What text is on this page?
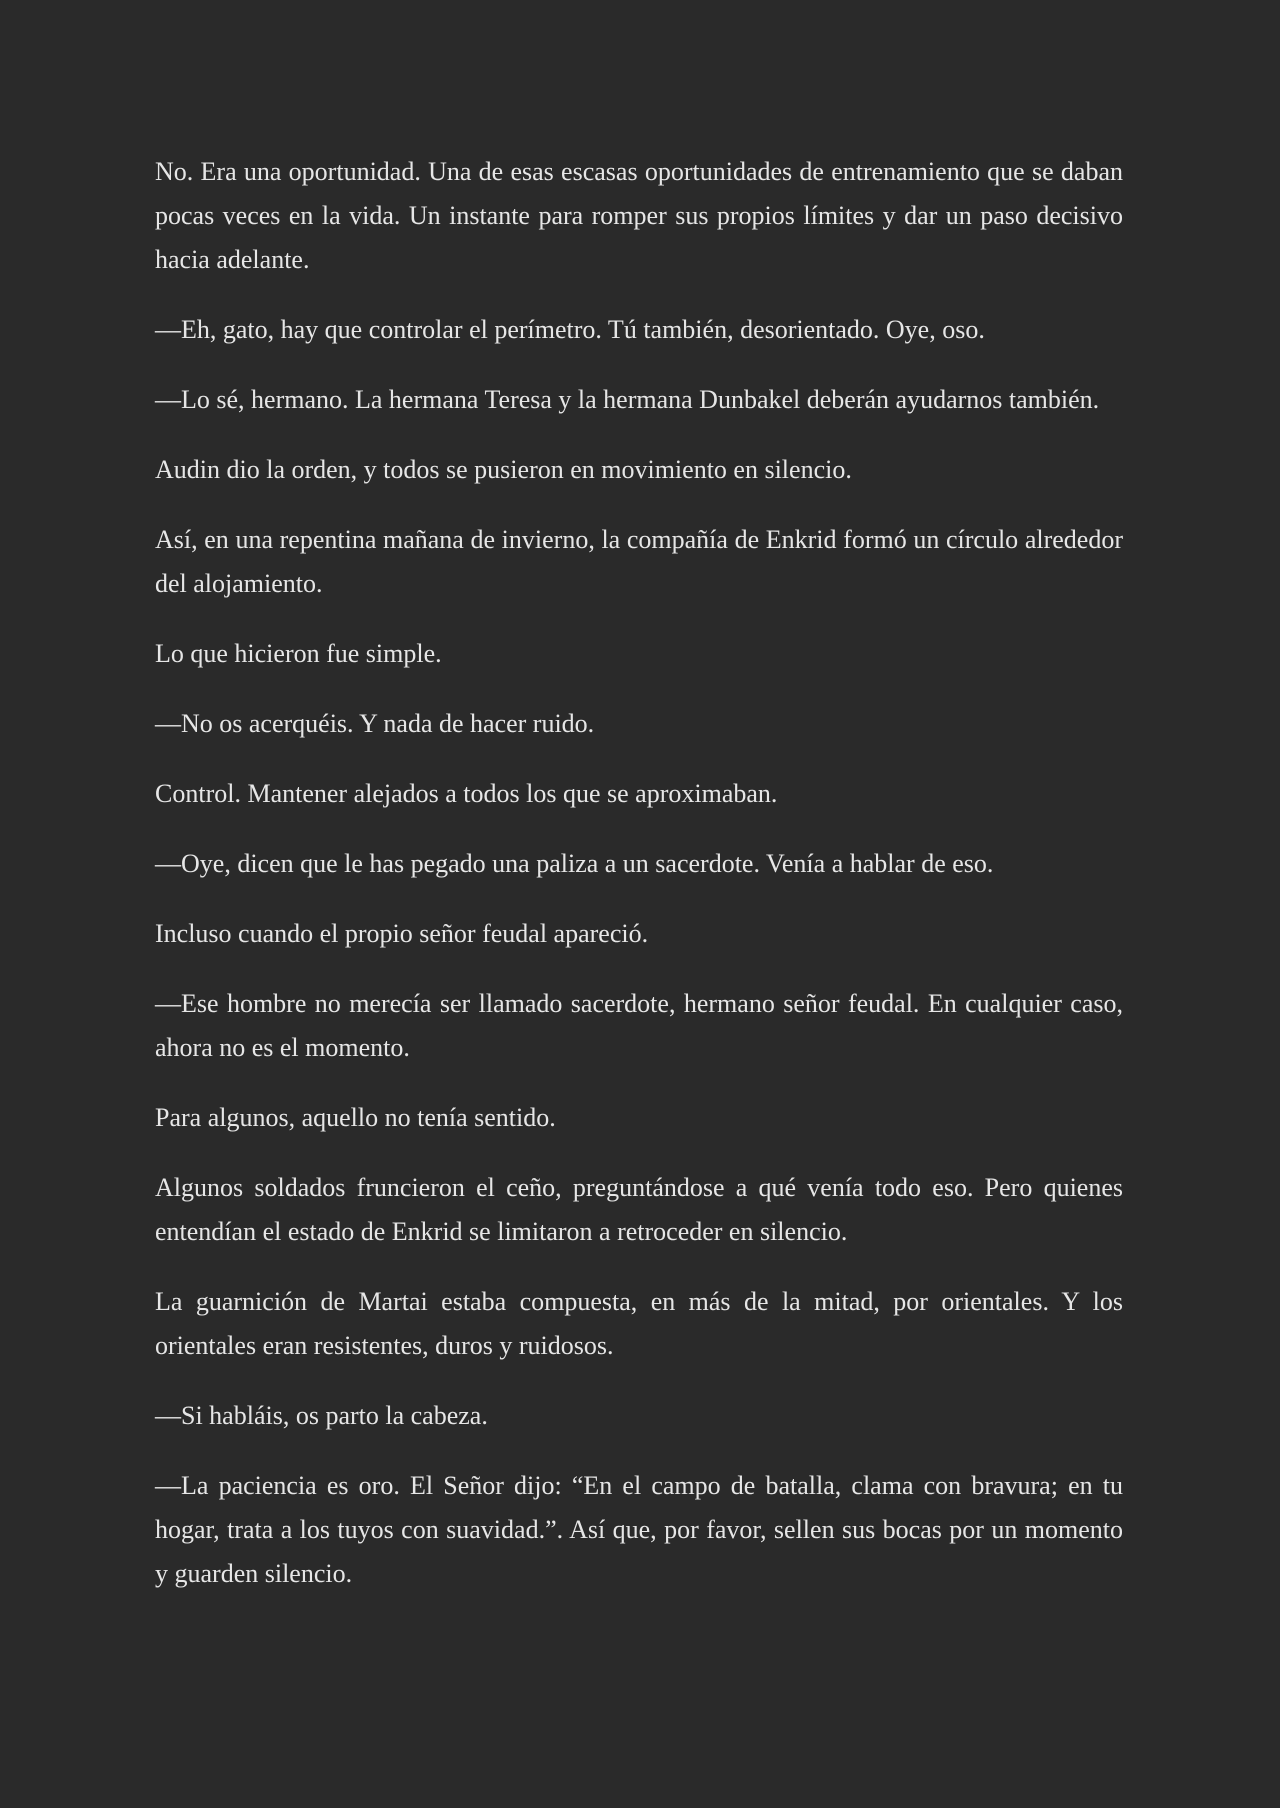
No. Era una oportunidad. Una de esas escasas oportunidades de entrenamiento que se daban pocas veces en la vida. Un instante para romper sus propios límites y dar un paso decisivo hacia adelante.

—Eh, gato, hay que controlar el perímetro. Tú también, desorientado. Oye, oso.

—Lo sé, hermano. La hermana Teresa y la hermana Dunbakel deberán ayudarnos también.

Audin dio la orden, y todos se pusieron en movimiento en silencio.

Así, en una repentina mañana de invierno, la compañía de Enkrid formó un círculo alrededor del alojamiento.

Lo que hicieron fue simple.

—No os acerquéis. Y nada de hacer ruido.

Control. Mantener alejados a todos los que se aproximaban.

—Oye, dicen que le has pegado una paliza a un sacerdote. Venía a hablar de eso.

Incluso cuando el propio señor feudal apareció.

—Ese hombre no merecía ser llamado sacerdote, hermano señor feudal. En cualquier caso, ahora no es el momento.

Para algunos, aquello no tenía sentido.

Algunos soldados fruncieron el ceño, preguntándose a qué venía todo eso. Pero quienes entendían el estado de Enkrid se limitaron a retroceder en silencio.

La guarnición de Martai estaba compuesta, en más de la mitad, por orientales. Y los orientales eran resistentes, duros y ruidosos.

—Si habláis, os parto la cabeza.

—La paciencia es oro. El Señor dijo: “En el campo de batalla, clama con bravura; en tu hogar, trata a los tuyos con suavidad.”. Así que, por favor, sellen sus bocas por un momento y guarden silencio.
